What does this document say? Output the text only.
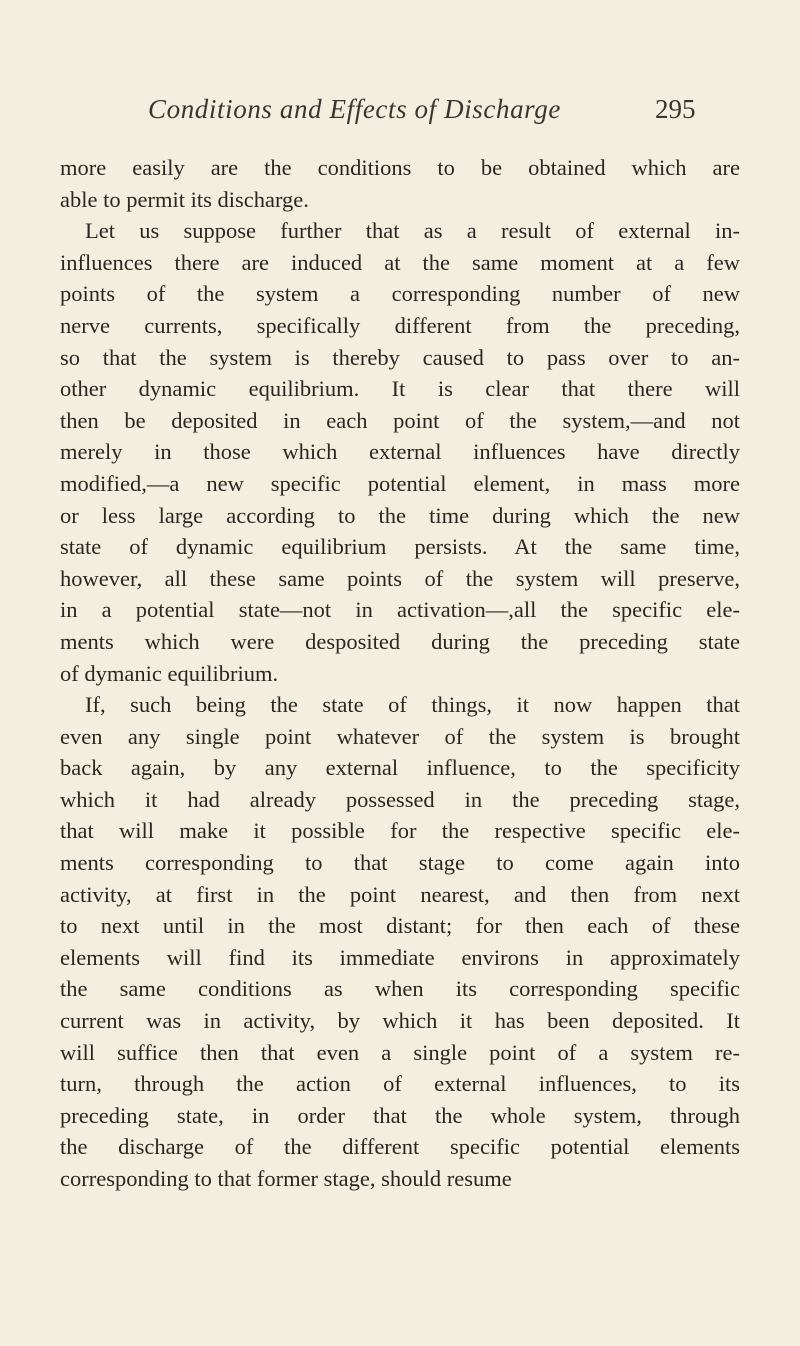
Conditions and Effects of Discharge	295
more easily are the conditions to be obtained which are
able to permit its discharge.
Let us suppose further that as a result of external in-
influences there are induced at the same moment at a few
points of the system a corresponding number of new
nerve currents, specifically different from the preceding,
so that the system is thereby caused to pass over to an-
other dynamic equilibrium. It is clear that there will
then be deposited in each point of the system,—and not
merely in those which external influences have directly
modified,—a new specific potential element, in mass more
or less large according to the time during which the new
state of dynamic equilibrium persists. At the same time,
however, all these same points of the system will preserve,
in a potential state—not in activation—,all the specific ele-
ments which were desposited during the preceding state
of dymanic equilibrium.
If, such being the state of things, it now happen that
even any single point whatever of the system is brought
back again, by any external influence, to the specificity
which it had already possessed in the preceding stage,
that will make it possible for the respective specific ele-
ments corresponding to that stage to come again into
activity, at first in the point nearest, and then from next
to next until in the most distant; for then each of these
elements will find its immediate environs in approximately
the same conditions as when its corresponding specific
current was in activity, by which it has been deposited. It
will suffice then that even a single point of a system re-
turn, through the action of external influences, to its
preceding state, in order that the whole system, through
the discharge of the different specific potential elements
corresponding to that former stage, should resume
